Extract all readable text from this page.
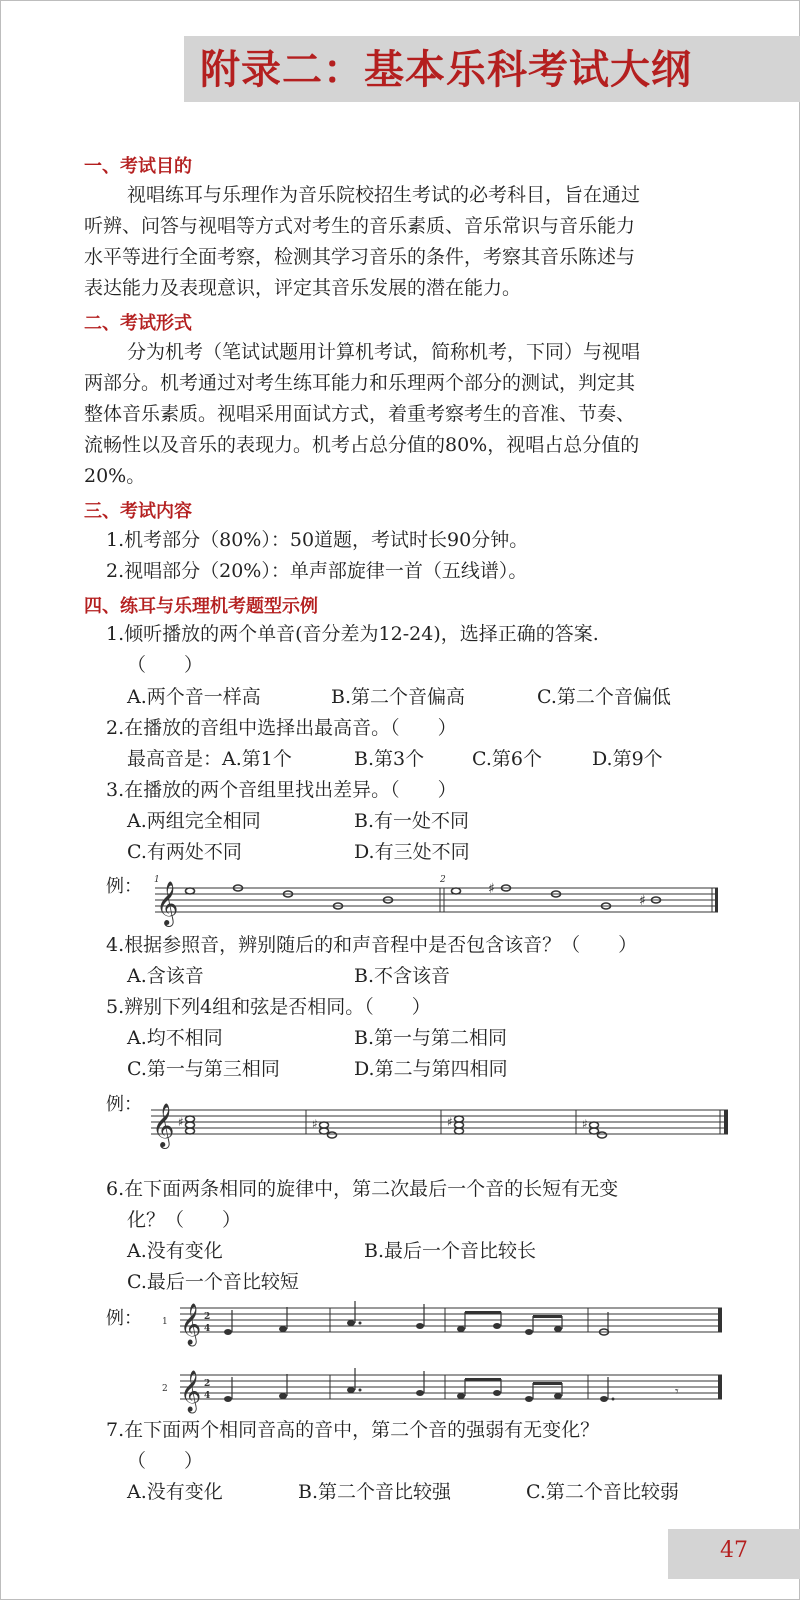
附录二：基本乐科考试大纲
一、考试目的
视唱练耳与乐理作为音乐院校招生考试的必考科目，旨在通过
听辨、问答与视唱等方式对考生的音乐素质、音乐常识与音乐能力
水平等进行全面考察，检测其学习音乐的条件，考察其音乐陈述与
表达能力及表现意识，评定其音乐发展的潜在能力。
二、考试形式
分为机考（笔试试题用计算机考试，简称机考，下同）与视唱
两部分。机考通过对考生练耳能力和乐理两个部分的测试，判定其
整体音乐素质。视唱采用面试方式，着重考察考生的音准、节奏、
流畅性以及音乐的表现力。机考占总分值的80%，视唱占总分值的
20%。
三、考试内容
1.机考部分（80%）：50道题，考试时长90分钟。
2.视唱部分（20%）：单声部旋律一首（五线谱）。
四、练耳与乐理机考题型示例
1.倾听播放的两个单音(音分差为12-24)，选择正确的答案.
（　　）
A.两个音一样高	B.第二个音偏高	C.第二个音偏低
2.在播放的音组中选择出最高音。（　　）
最高音是： A.第1个	B.第3个	C.第6个	D.第9个
3.在播放的两个音组里找出差异。（　　）
A.两组完全相同	B.有一处不同
C.有两处不同	D.有三处不同
例： 𝄞
1	2
♯
♯
4.根据参照音，辨别随后的和声音程中是否包含该音？（　　）
A.含该音	B.不含该音
5.辨别下列4组和弦是否相同。（　　）
A.均不相同	B.第一与第二相同
C.第一与第三相同	D.第二与第四相同
例： 𝄞 ♯	♯	♯	♯
6.在下面两条相同的旋律中，第二次最后一个音的长短有无变
化？（　　）
A.没有变化	B.最后一个音比较长
C.最后一个音比较短
例： 1
2
𝄞
𝄞
2
4
2
4	𝄾
7.在下面两个相同音高的音中，第二个音的强弱有无变化？
（　　）
A.没有变化	B.第二个音比较强	C.第二个音比较弱
47
